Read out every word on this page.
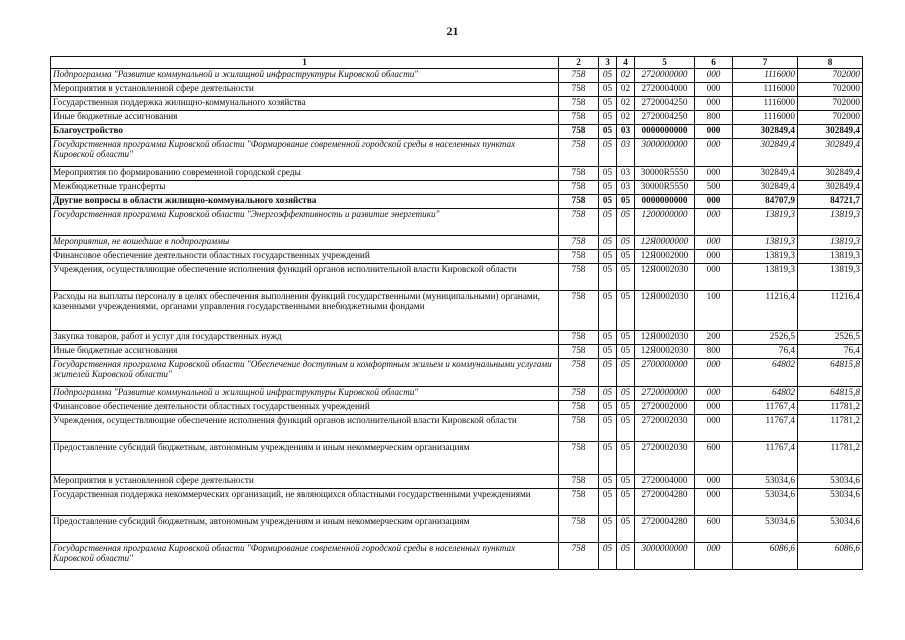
21
1	2	3	4	5	6	7	8
Подпрограмма "Развитие коммунальной и жилищной инфраструктуры Кировской области"	758	05	02	2720000000	000	1116000	702000
Мероприятия в установленной сфере деятельности	758	05	02	2720004000	000	1116000	702000
Государственная поддержка жилищно-коммунального хозяйства	758	05	02	2720004250	000	1116000	702000
Иные бюджетные ассигнования	758	05	02	2720004250	800	1116000	702000
Благоустройство	758	05	03	0000000000	000	302849,4	302849,4
Государственная программа Кировской области "Формирование современной городской среды в населенных пунктах Кировской области"	758	05	03	3000000000	000	302849,4	302849,4
Мероприятия по формированию современной городской среды	758	05	03	30000R5550	000	302849,4	302849,4
Межбюджетные трансферты	758	05	03	30000R5550	500	302849,4	302849,4
Другие вопросы в области жилищно-коммунального хозяйства	758	05	05	0000000000	000	84707,9	84721,7
Государственная программа Кировской области "Энергоэффективность и развитие энергетики"	758	05	05	1200000000	000	13819,3	13819,3
Мероприятия, не вошедшие в подпрограммы	758	05	05	12Я0000000	000	13819,3	13819,3
Финансовое обеспечение деятельности областных государственных учреждений	758	05	05	12Я0002000	000	13819,3	13819,3
Учреждения, осуществляющие обеспечение исполнения функций органов исполнительной власти Кировской области	758	05	05	12Я0002030	000	13819,3	13819,3
Расходы на выплаты персоналу в целях обеспечения выполнения функций государственными (муниципальными) органами, казенными учреждениями, органами управления государственными внебюджетными фондами	758	05	05	12Я0002030	100	11216,4	11216,4
Закупка товаров, работ и услуг для государственных нужд	758	05	05	12Я0002030	200	2526,5	2526,5
Иные бюджетные ассигнования	758	05	05	12Я0002030	800	76,4	76,4
Государственная программа Кировской области "Обеспечение доступным и комфортным жильем и коммунальными услугами жителей Кировской области"	758	05	05	2700000000	000	64802	64815,8
Подпрограмма "Развитие коммунальной и жилищной инфраструктуры Кировской области"	758	05	05	2720000000	000	64802	64815,8
Финансовое обеспечение деятельности областных государственных учреждений	758	05	05	2720002000	000	11767,4	11781,2
Учреждения, осуществляющие обеспечение исполнения функций органов исполнительной власти Кировской области	758	05	05	2720002030	000	11767,4	11781,2
Предоставление субсидий бюджетным, автономным учреждениям и иным некоммерческим организациям	758	05	05	2720002030	600	11767,4	11781,2
Мероприятия в установленной сфере деятельности	758	05	05	2720004000	000	53034,6	53034,6
Государственная поддержка некоммерческих организаций, не являющихся областными государственными учреждениями	758	05	05	2720004280	000	53034,6	53034,6
Предоставление субсидий бюджетным, автономным учреждениям и иным некоммерческим организациям	758	05	05	2720004280	600	53034,6	53034,6
Государственная программа Кировской области "Формирование современной городской среды в населенных пунктах Кировской области"	758	05	05	3000000000	000	6086,6	6086,6
